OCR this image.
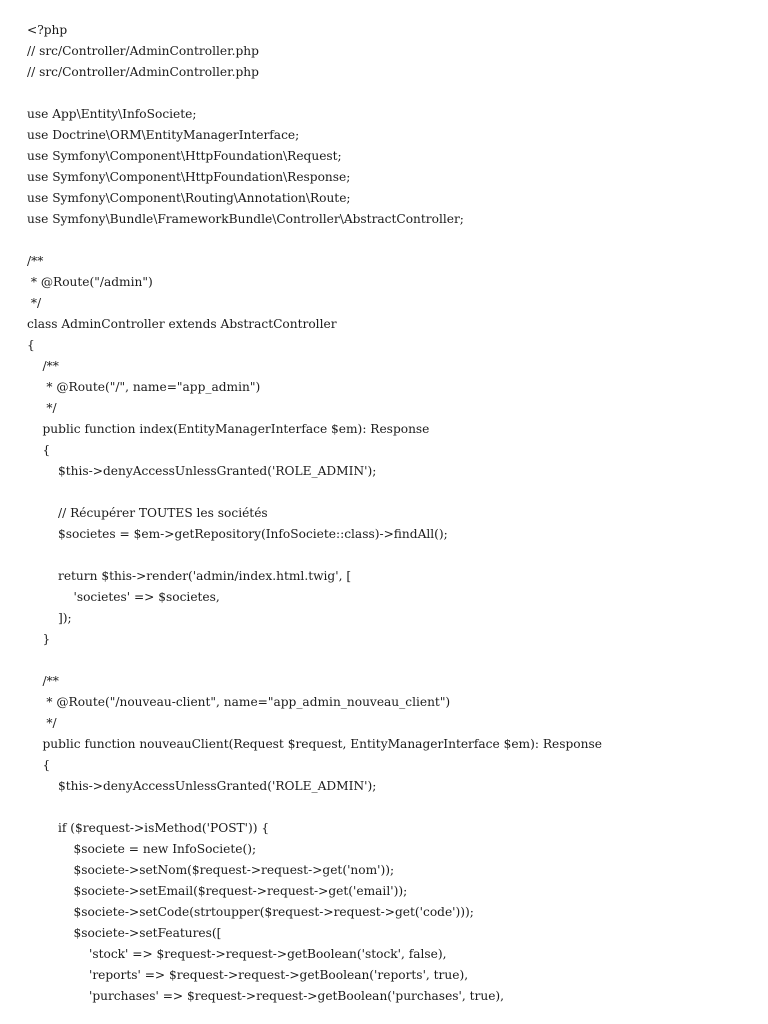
<?php
// src/Controller/AdminController.php
// src/Controller/AdminController.php
use App\Entity\InfoSociete;
use Doctrine\ORM\EntityManagerInterface;
use Symfony\Component\HttpFoundation\Request;
use Symfony\Component\HttpFoundation\Response;
use Symfony\Component\Routing\Annotation\Route;
use Symfony\Bundle\FrameworkBundle\Controller\AbstractController;
/**
* @Route("/admin")
*/
class AdminController extends AbstractController
{
/**
* @Route("/", name="app_admin")
*/
public function index(EntityManagerInterface $em): Response
{
$this->denyAccessUnlessGranted('ROLE_ADMIN');
// Récupérer TOUTES les sociétés
$societes = $em->getRepository(InfoSociete::class)->findAll();
return $this->render('admin/index.html.twig', [
'societes' => $societes,
]);
}
/**
* @Route("/nouveau-client", name="app_admin_nouveau_client")
*/
public function nouveauClient(Request $request, EntityManagerInterface $em): Response
{
$this->denyAccessUnlessGranted('ROLE_ADMIN');
if ($request->isMethod('POST')) {
$societe = new InfoSociete();
$societe->setNom($request->request->get('nom'));
$societe->setEmail($request->request->get('email'));
$societe->setCode(strtoupper($request->request->get('code')));
$societe->setFeatures([
'stock' => $request->request->getBoolean('stock', false),
'reports' => $request->request->getBoolean('reports', true),
'purchases' => $request->request->getBoolean('purchases', true),
